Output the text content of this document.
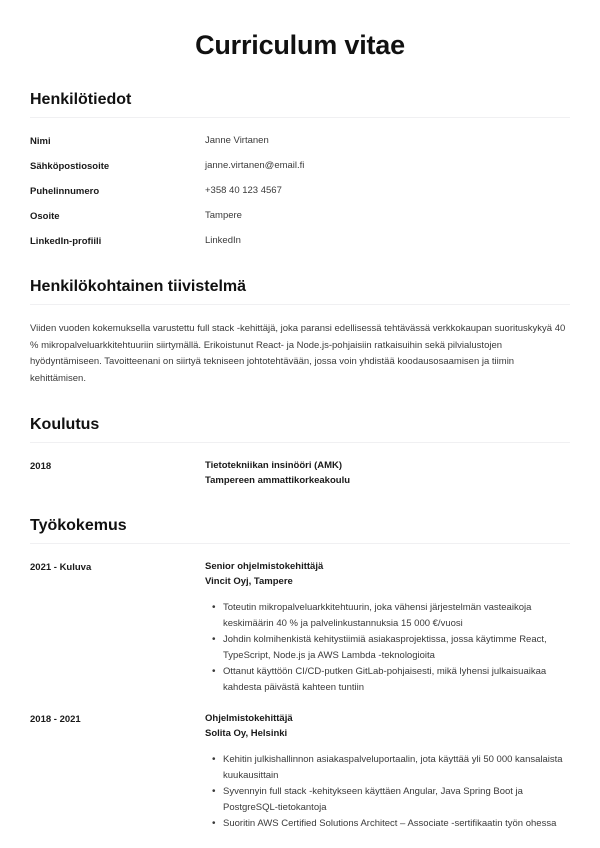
Curriculum vitae
Henkilötiedot
Nimi	Janne Virtanen
Sähköpostiosoite	janne.virtanen@email.fi
Puhelinnumero	+358 40 123 4567
Osoite	Tampere
LinkedIn-profiili	LinkedIn
Henkilökohtainen tiivistelmä

Viiden vuoden kokemuksella varustettu full stack -kehittäjä, joka paransi edellisessä tehtävässä verkkokaupan suorituskykyä 40 % mikropalveluarkkitehtuuriin siirtymällä. Erikoistunut React- ja Node.js-pohjaisiin ratkaisuihin sekä pilvialustojen hyödyntämiseen. Tavoitteenani on siirtyä tekniseen johtotehtävään, jossa voin yhdistää koodausosaamisen ja tiimin kehittämisen.

Koulutus
2018	Tietotekniikan insinööri (AMK)
Tampereen ammattikorkeakoulu
Työkokemus
2021 - Kuluva	Senior ohjelmistokehittäjä
Vincit Oyj, Tampere
• Toteutin mikropalveluarkkitehtuurin, joka vähensi järjestelmän vasteaikoja keskimäärin 40 % ja palvelinkustannuksia 15 000 €/vuosi
• Johdin kolmihenkistä kehitystiimiä asiakasprojektissa, jossa käytimme React, TypeScript, Node.js ja AWS Lambda -teknologioita
• Ottanut käyttöön CI/CD-putken GitLab-pohjaisesti, mikä lyhensi julkaisuaikaa kahdesta päivästä kahteen tuntiin
2018 - 2021	Ohjelmistokehittäjä
Solita Oy, Helsinki
• Kehitin julkishallinnon asiakaspalveluportaalin, jota käyttää yli 50 000 kansalaista kuukausittain
• Syvennyin full stack -kehitykseen käyttäen Angular, Java Spring Boot ja PostgreSQL-tietokantoja
• Suoritin AWS Certified Solutions Architect – Associate -sertifikaatin työn ohessa
